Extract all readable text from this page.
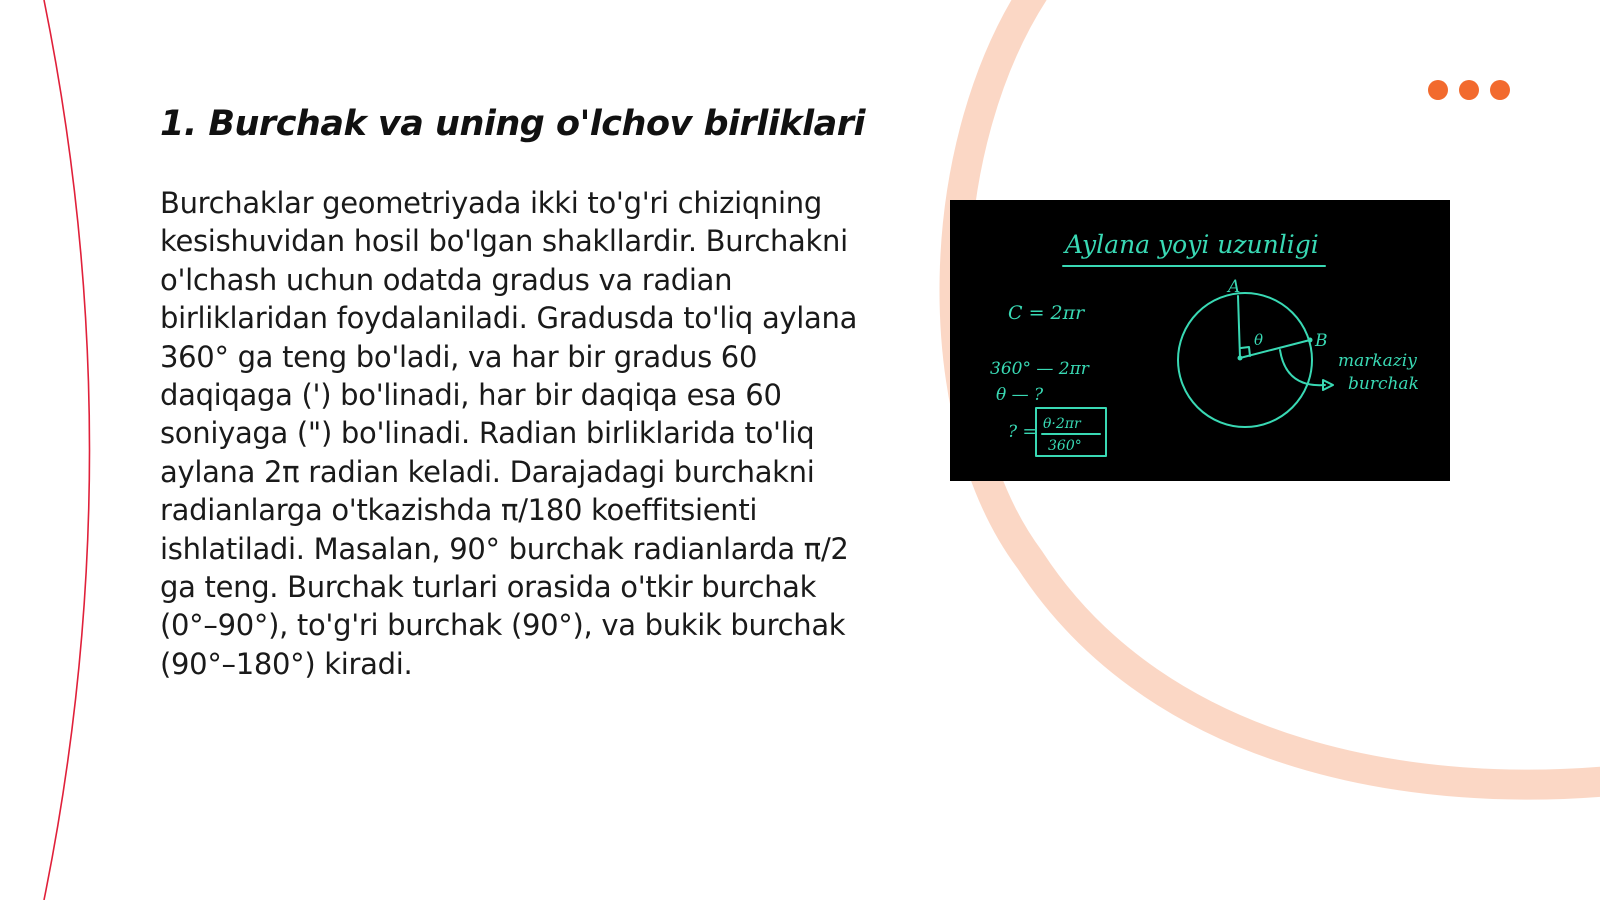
1. Burchak va uning o'lchov birliklari

Burchaklar geometriyada ikki to'g'ri chiziqning kesishuvidan hosil bo'lgan shakllardir. Burchakni o'lchash uchun odatda gradus va radian birliklaridan foydalaniladi. Gradusda to'liq aylana 360° ga teng bo'ladi, va har bir gradus 60 daqiqaga (') bo'linadi, har bir daqiqa esa 60 soniyaga (") bo'linadi. Radian birliklarida to'liq aylana 2π radian keladi. Darajadagi burchakni radianlarga o'tkazishda π/180 koeffitsienti ishlatiladi. Masalan, 90° burchak radianlarda π/2 ga teng. Burchak turlari orasida o'tkir burchak (0°–90°), to'g'ri burchak (90°), va bukik burchak (90°–180°) kiradi.

Aylana yoyi uzunligi
C = 2πr
360° — 2πr
θ — ?
? = θ·2πr
360°
A
B
θ
markaziy
burchak
